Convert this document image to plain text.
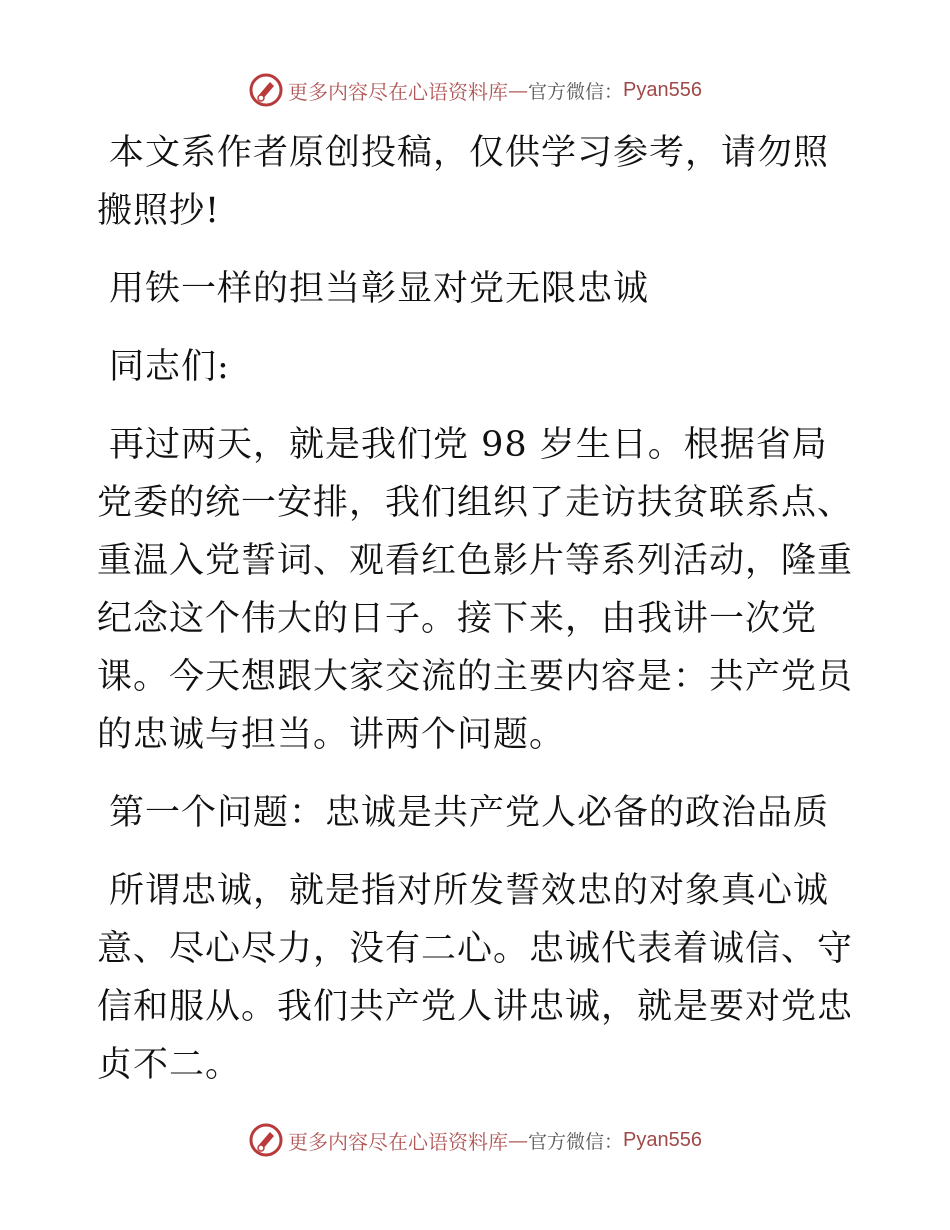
更多内容尽在心语资料库 — 官方微信： Pyan556

本文系作者原创投稿，仅供学习参考，请勿照搬照抄!

用铁一样的担当彰显对党无限忠诚

同志们:

再过两天，就是我们党 98 岁生日。根据省局党委的统一安排，我们组织了走访扶贫联系点、重温入党誓词、观看红色影片等系列活动，隆重纪念这个伟大的日子。接下来，由我讲一次党课。今天想跟大家交流的主要内容是：共产党员的忠诚与担当。讲两个问题。

第一个问题：忠诚是共产党人必备的政治品质

所谓忠诚，就是指对所发誓效忠的对象真心诚意、尽心尽力，没有二心。忠诚代表着诚信、守信和服从。我们共产党人讲忠诚，就是要对党忠贞不二。

更多内容尽在心语资料库 — 官方微信： Pyan556
